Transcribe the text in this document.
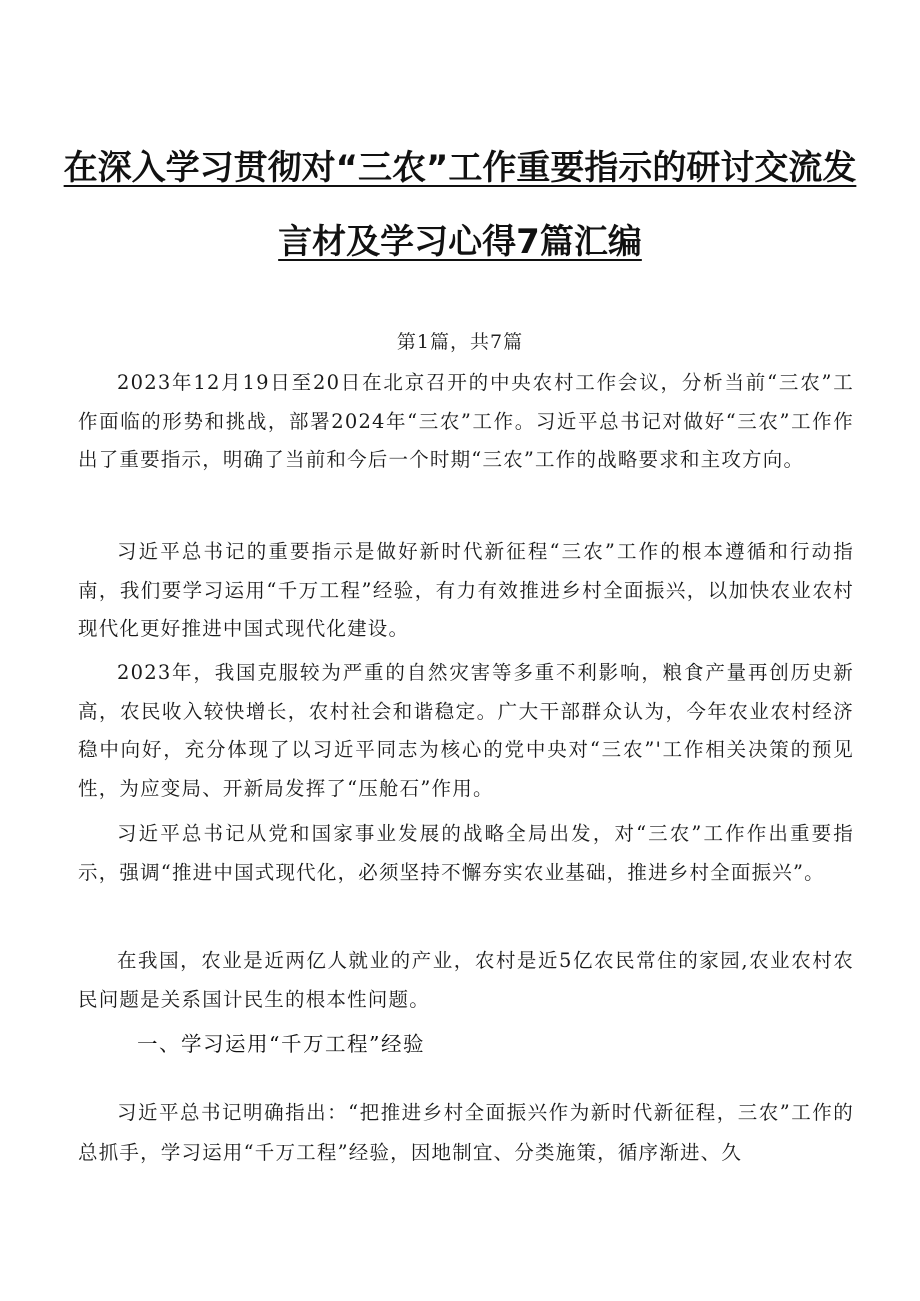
在深入学习贯彻对“三农”工作重要指示的研讨交流发
言材及学习心得7篇汇编
第1篇，共7篇

2023年12月19日至20日在北京召开的中央农村工作会议，分析当前“三农”工作面临的形势和挑战，部署2024年“三农”工作。习近平总书记对做好“三农”工作作出了重要指示，明确了当前和今后一个时期“三农”工作的战略要求和主攻方向。

习近平总书记的重要指示是做好新时代新征程“三农”工作的根本遵循和行动指南，我们要学习运用“千万工程”经验，有力有效推进乡村全面振兴，以加快农业农村现代化更好推进中国式现代化建设。

2023年，我国克服较为严重的自然灾害等多重不利影响，粮食产量再创历史新高，农民收入较快增长，农村社会和谐稳定。广大干部群众认为，今年农业农村经济稳中向好，充分体现了以习近平同志为核心的党中央对“三农”'工作相关决策的预见性，为应变局、开新局发挥了“压舱石”作用。

习近平总书记从党和国家事业发展的战略全局出发，对“三农”工作作出重要指示，强调“推进中国式现代化，必须坚持不懈夯实农业基础，推进乡村全面振兴”。

在我国，农业是近两亿人就业的产业，农村是近5亿农民常住的家园,农业农村农民问题是关系国计民生的根本性问题。

一、学习运用“千万工程”经验

习近平总书记明确指出：“把推进乡村全面振兴作为新时代新征程，三农”工作的总抓手，学习运用“千万工程”经验，因地制宜、分类施策，循序渐进、久
